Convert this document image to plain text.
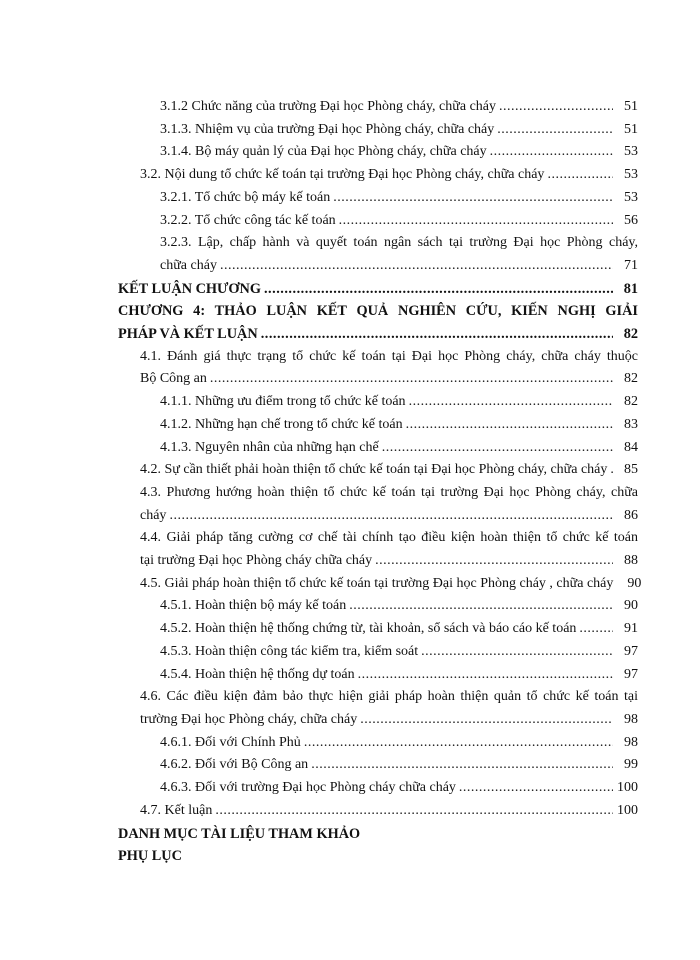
3.1.2 Chức năng của trường Đại học Phòng cháy, chữa cháy .....	51
3.1.3. Nhiệm vụ của trường Đại học Phòng cháy, chữa cháy .....	51
3.1.4. Bộ máy quản lý của Đại học Phòng cháy, chữa cháy .....	53
3.2. Nội dung tổ chức kế toán tại trường Đại học Phòng cháy, chữa cháy .....	53
3.2.1. Tổ chức bộ máy kế toán .....	53
3.2.2. Tổ chức công tác kế toán .....	56
3.2.3. Lập, chấp hành và quyết toán ngân sách tại trường Đại học Phòng cháy,
chữa cháy .....	71
KẾT LUẬN CHƯƠNG .....	81
CHƯƠNG 4: THẢO LUẬN KẾT QUẢ NGHIÊN CỨU, KIẾN NGHỊ GIẢI
PHÁP VÀ KẾT LUẬN .....	82
4.1. Đánh giá thực trạng tổ chức kế toán tại Đại học Phòng cháy, chữa cháy thuộc
Bộ Công an .....	82
4.1.1. Những ưu điểm trong tổ chức kế toán .....	82
4.1.2. Những hạn chế trong tổ chức kế toán .....	83
4.1.3. Nguyên nhân của những hạn chế .....	84
4.2. Sự cần thiết phải hoàn thiện tổ chức kế toán tại Đại học Phòng cháy, chữa cháy .....	85
4.3. Phương hướng hoàn thiện tổ chức kế toán tại trường Đại học Phòng cháy, chữa
cháy .....	86
4.4. Giải pháp tăng cường cơ chế tài chính tạo điều kiện hoàn thiện tổ chức kế toán
tại trường Đại học Phòng cháy chữa cháy .....	88
4.5. Giải pháp hoàn thiện tổ chức kế toán tại trường Đại học Phòng cháy , chữa cháy	90
4.5.1. Hoàn thiện bộ máy kế toán .....	90
4.5.2. Hoàn thiện hệ thống chứng từ, tài khoản, sổ sách và báo cáo kế toán .....	91
4.5.3. Hoàn thiện công tác kiểm tra, kiểm soát .....	97
4.5.4. Hoàn thiện hệ thống dự toán .....	97
4.6. Các điều kiện đảm bảo thực hiện giải pháp hoàn thiện quản tổ chức kế toán tại
trường Đại học Phòng cháy, chữa cháy .....	98
4.6.1. Đối với Chính Phủ .....	98
4.6.2. Đối với Bộ Công an .....	99
4.6.3. Đối với trường Đại học Phòng cháy chữa cháy .....	100
4.7. Kết luận .....	100
DANH MỤC TÀI LIỆU THAM KHẢO
PHỤ LỤC
